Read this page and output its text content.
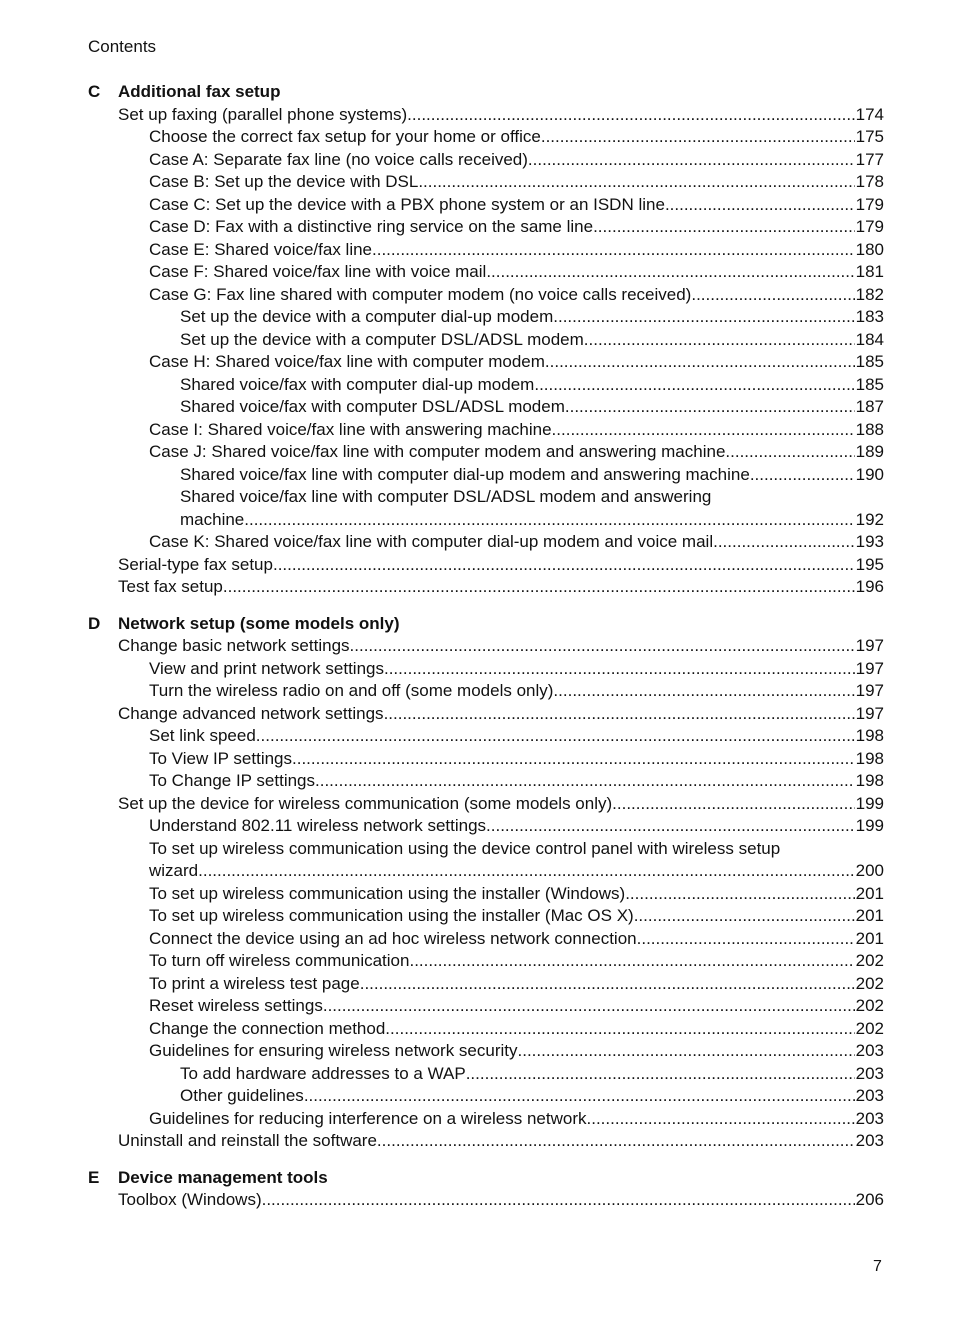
Contents
C	Additional fax setup
Set up faxing (parallel phone systems) .....	174
Choose the correct fax setup for your home or office .....	175
Case A: Separate fax line (no voice calls received) .....	177
Case B: Set up the device with DSL .....	178
Case C: Set up the device with a PBX phone system or an ISDN line .....	179
Case D: Fax with a distinctive ring service on the same line .....	179
Case E: Shared voice/fax line .....	180
Case F: Shared voice/fax line with voice mail .....	181
Case G: Fax line shared with computer modem (no voice calls received) .....	182
Set up the device with a computer dial-up modem .....	183
Set up the device with a computer DSL/ADSL modem .....	184
Case H: Shared voice/fax line with computer modem .....	185
Shared voice/fax with computer dial-up modem .....	185
Shared voice/fax with computer DSL/ADSL modem .....	187
Case I: Shared voice/fax line with answering machine .....	188
Case J: Shared voice/fax line with computer modem and answering machine .....	189
Shared voice/fax line with computer dial-up modem and answering machine .....	190
Shared voice/fax line with computer DSL/ADSL modem and answering
machine .....	192
Case K: Shared voice/fax line with computer dial-up modem and voice mail .....	193
Serial-type fax setup .....	195
Test fax setup .....	196
D	Network setup (some models only)
Change basic network settings .....	197
View and print network settings .....	197
Turn the wireless radio on and off (some models only) .....	197
Change advanced network settings .....	197
Set link speed .....	198
To View IP settings .....	198
To Change IP settings .....	198
Set up the device for wireless communication (some models only) .....	199
Understand 802.11 wireless network settings .....	199
To set up wireless communication using the device control panel with wireless setup
wizard .....	200
To set up wireless communication using the installer (Windows) .....	201
To set up wireless communication using the installer (Mac OS X) .....	201
Connect the device using an ad hoc wireless network connection .....	201
To turn off wireless communication .....	202
To print a wireless test page .....	202
Reset wireless settings .....	202
Change the connection method .....	202
Guidelines for ensuring wireless network security .....	203
To add hardware addresses to a WAP .....	203
Other guidelines .....	203
Guidelines for reducing interference on a wireless network .....	203
Uninstall and reinstall the software .....	203
E	Device management tools
Toolbox (Windows) .....	206
7
